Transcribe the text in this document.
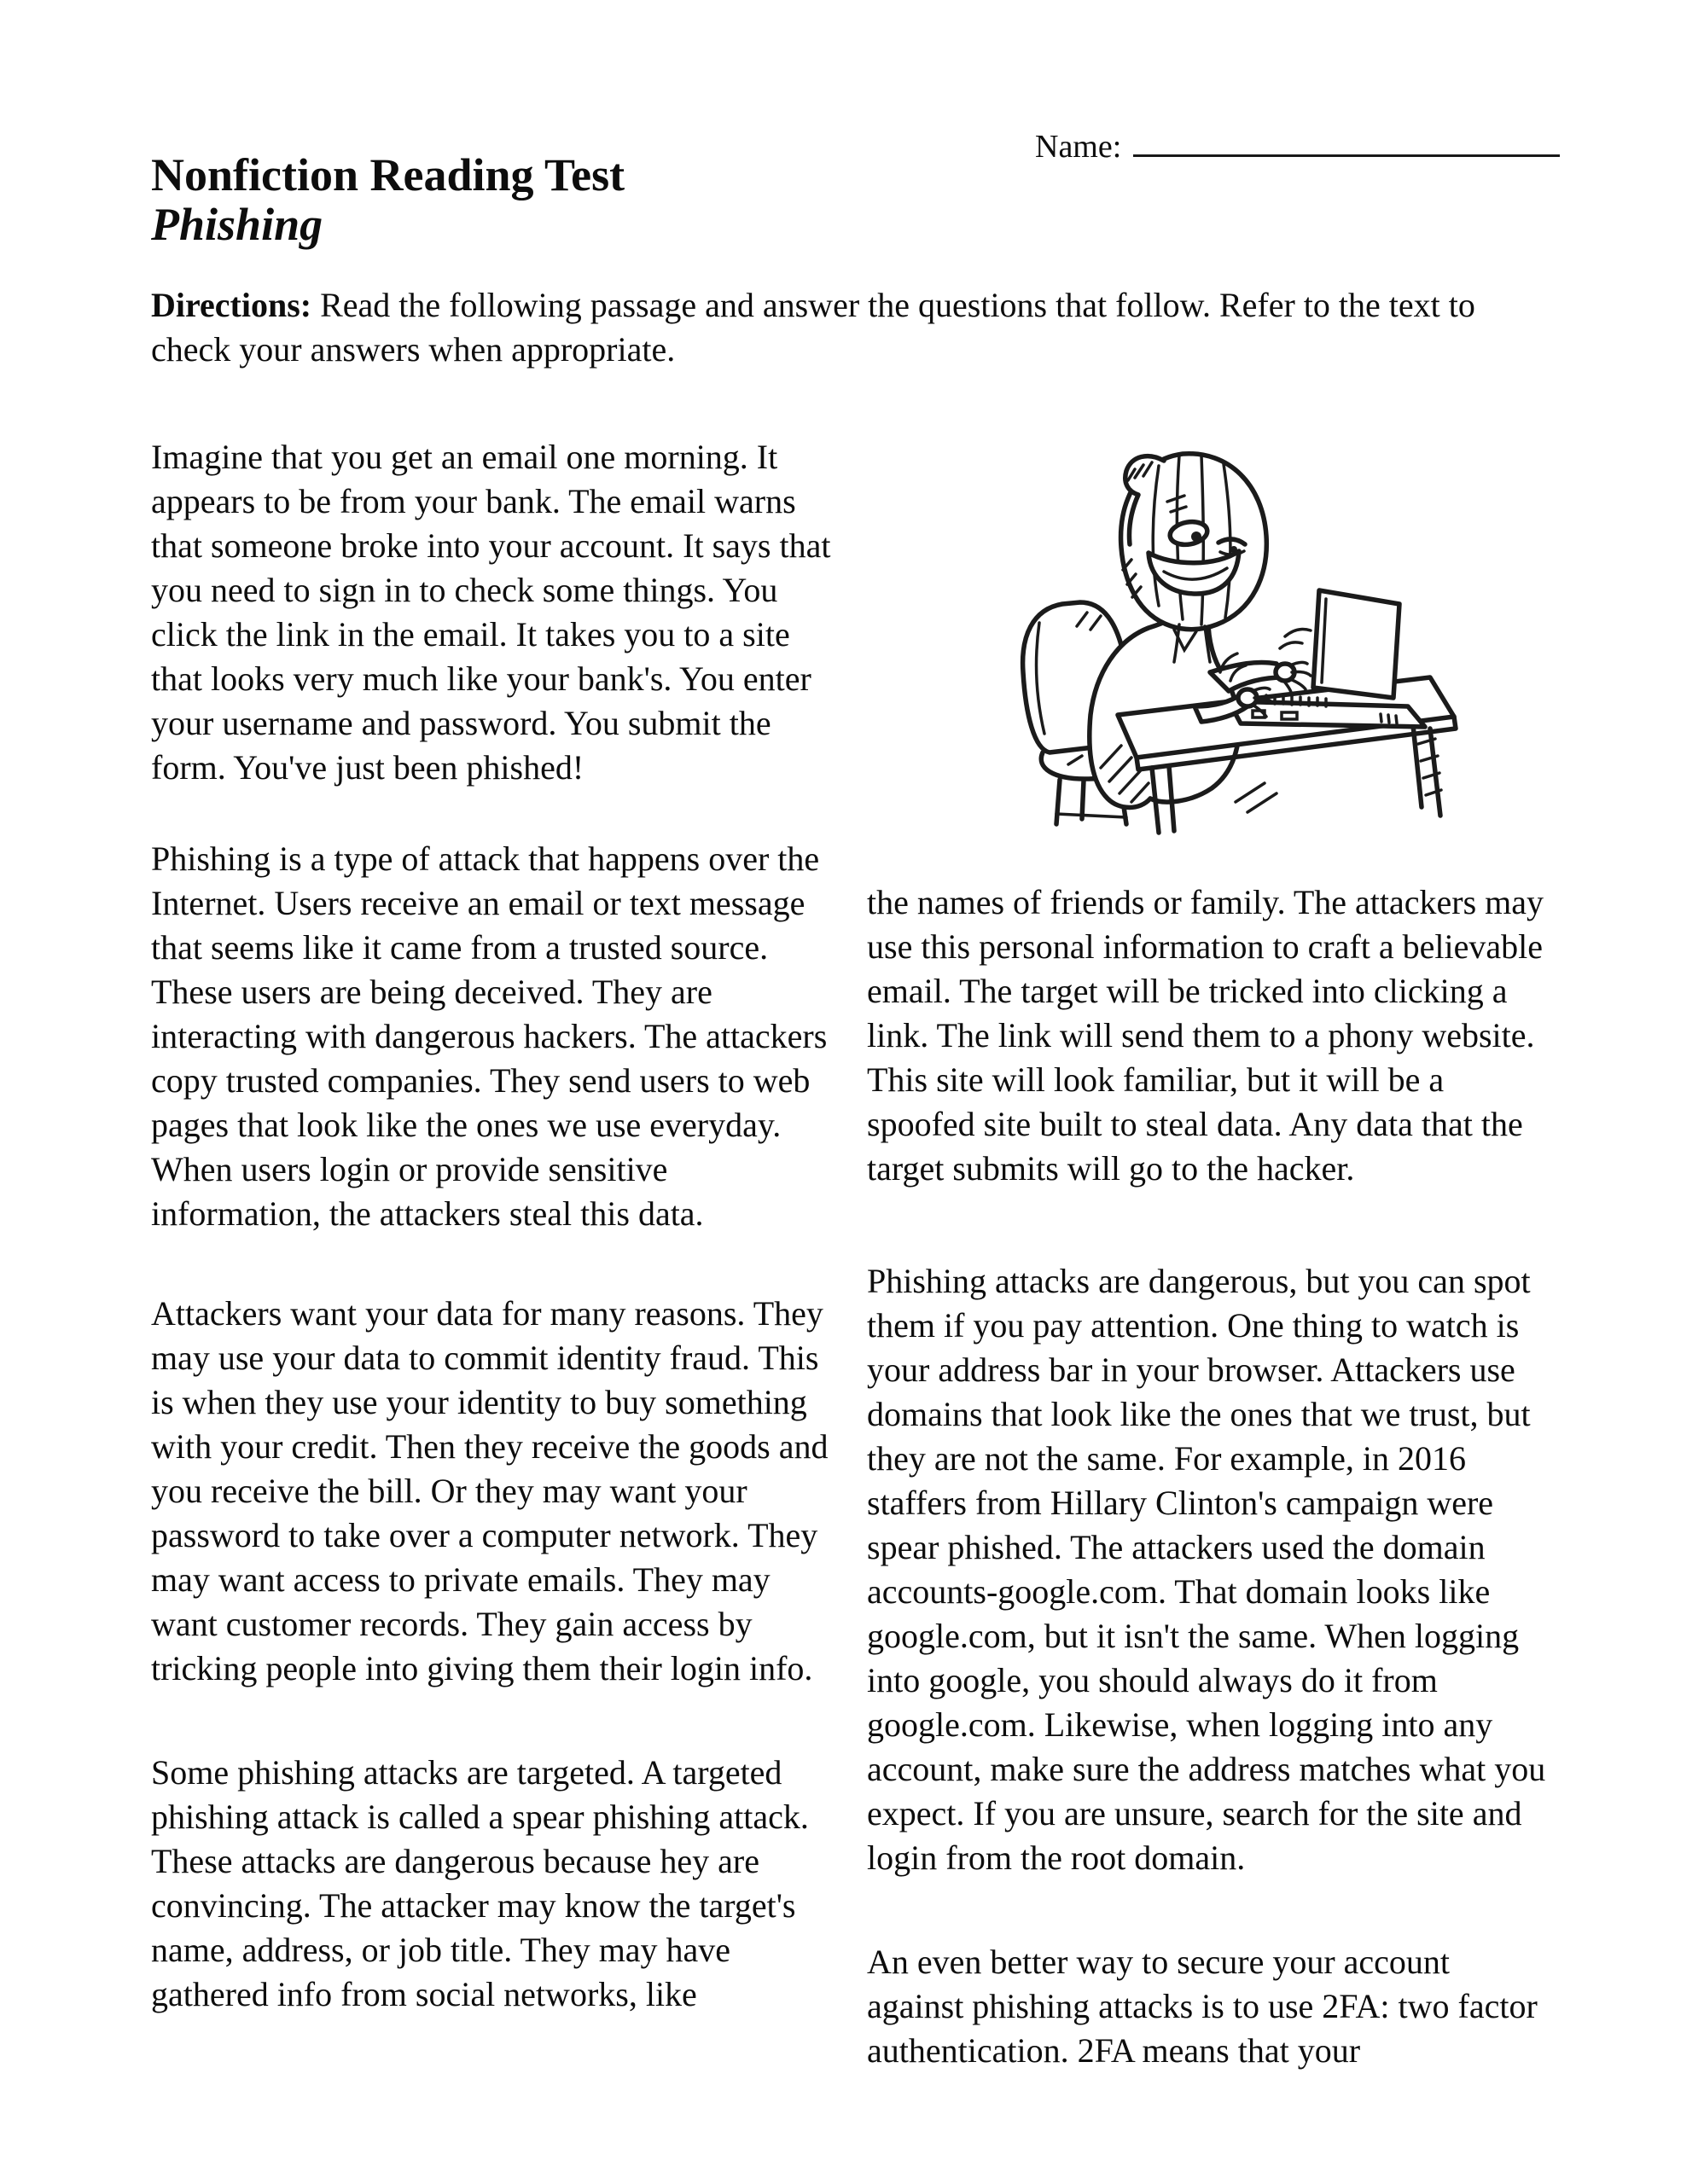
Name:
Nonfiction Reading Test
Phishing
Directions: Read the following passage and answer the questions that follow. Refer to the text to check your answers when appropriate.

Imagine that you get an email one morning. It appears to be from your bank. The email warns that someone broke into your account. It says that you need to sign in to check some things. You click the link in the email. It takes you to a site that looks very much like your bank's. You enter your username and password. You submit the form. You've just been phished!

Phishing is a type of attack that happens over the Internet. Users receive an email or text message that seems like it came from a trusted source. These users are being deceived. They are interacting with dangerous hackers. The attackers copy trusted companies. They send users to web pages that look like the ones we use everyday. When users login or provide sensitive information, the attackers steal this data.

Attackers want your data for many reasons. They may use your data to commit identity fraud. This is when they use your identity to buy something with your credit. Then they receive the goods and you receive the bill. Or they may want your password to take over a computer network. They may want access to private emails. They may want customer records. They gain access by tricking people into giving them their login info.

Some phishing attacks are targeted. A targeted phishing attack is called a spear phishing attack. These attacks are dangerous because hey are convincing. The attacker may know the target's name, address, or job title. They may have gathered info from social networks, like

the names of friends or family. The attackers may use this personal information to craft a believable email. The target will be tricked into clicking a link. The link will send them to a phony website. This site will look familiar, but it will be a spoofed site built to steal data. Any data that the target submits will go to the hacker.

Phishing attacks are dangerous, but you can spot them if you pay attention. One thing to watch is your address bar in your browser. Attackers use domains that look like the ones that we trust, but they are not the same. For example, in 2016 staffers from Hillary Clinton's campaign were spear phished. The attackers used the domain accounts-google.com. That domain looks like google.com, but it isn't the same. When logging into google, you should always do it from google.com. Likewise, when logging into any account, make sure the address matches what you expect. If you are unsure, search for the site and login from the root domain.

An even better way to secure your account against phishing attacks is to use 2FA: two factor authentication. 2FA means that your
